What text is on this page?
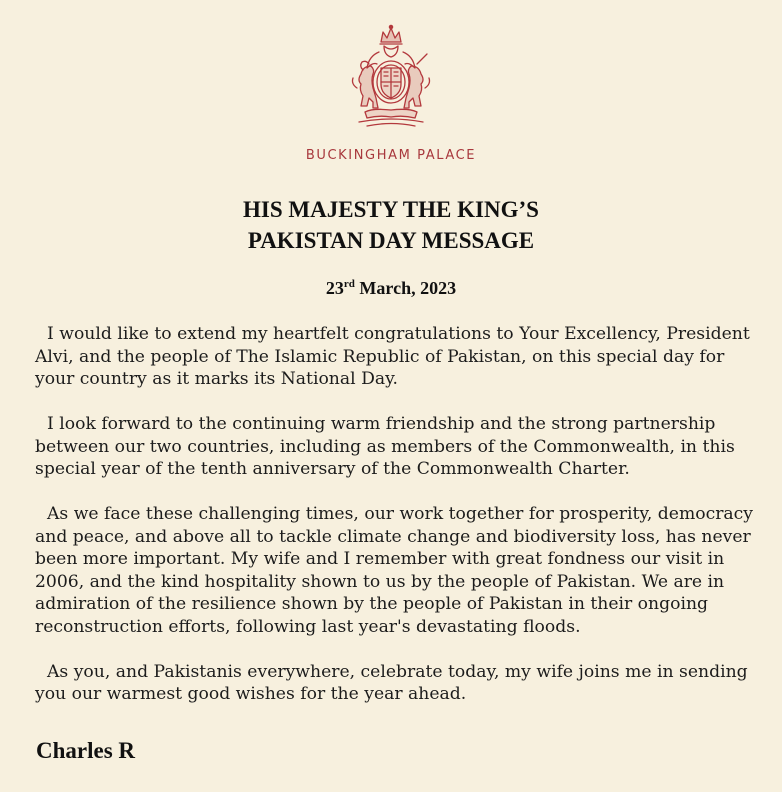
BUCKINGHAM PALACE
HIS MAJESTY THE KING’S
PAKISTAN DAY MESSAGE
23rd March, 2023

I would like to extend my heartfelt congratulations to Your Excellency, President Alvi, and the people of The Islamic Republic of Pakistan, on this special day for your country as it marks its National Day.

I look forward to the continuing warm friendship and the strong partnership between our two countries, including as members of the Commonwealth, in this special year of the tenth anniversary of the Commonwealth Charter.

As we face these challenging times, our work together for prosperity, democracy and peace, and above all to tackle climate change and biodiversity loss, has never been more important. My wife and I remember with great fondness our visit in 2006, and the kind hospitality shown to us by the people of Pakistan. We are in admiration of the resilience shown by the people of Pakistan in their ongoing reconstruction efforts, following last year's devastating floods.

As you, and Pakistanis everywhere, celebrate today, my wife joins me in sending you our warmest good wishes for the year ahead.

Charles R
